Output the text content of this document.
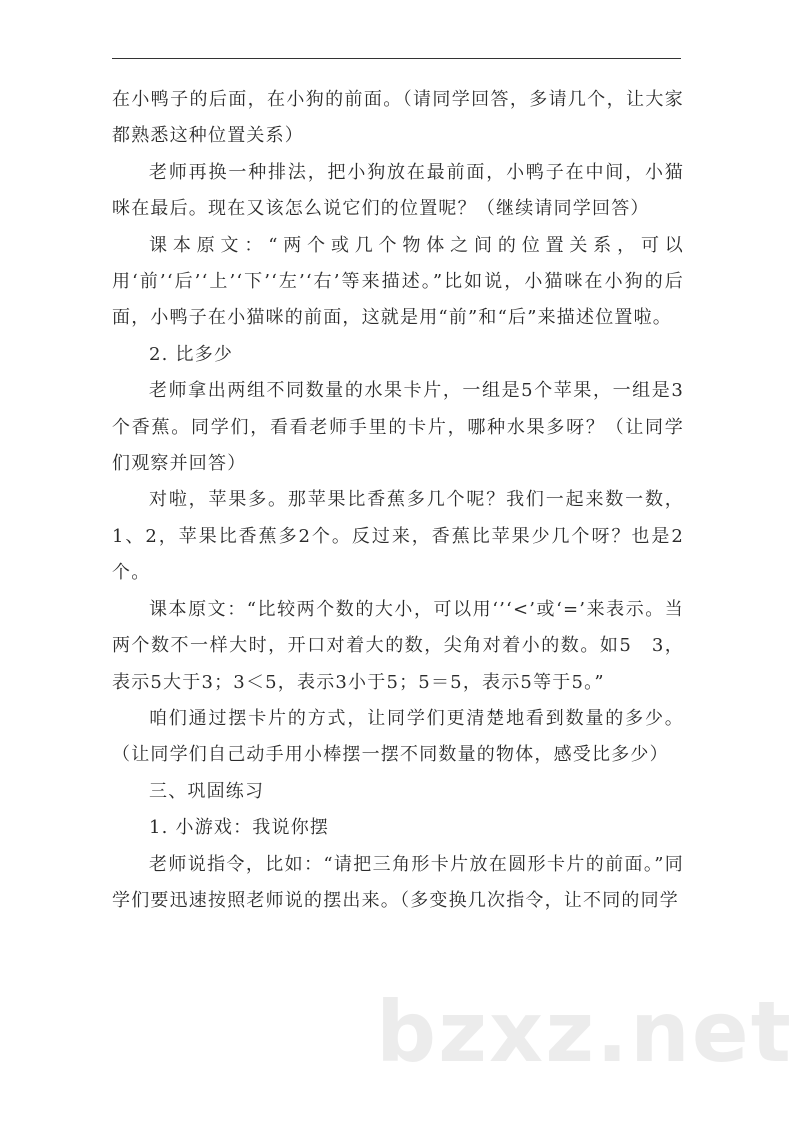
在小鸭子的后面，在小狗的前面。（请同学回答，多请几个，让大家都熟悉这种位置关系）

老师再换一种排法，把小狗放在最前面，小鸭子在中间，小猫咪在最后。现在又该怎么说它们的位置呢？（继续请同学回答）

课本原文：“两个或几个物体之间的位置关系，可以用‘前’‘后’‘上’‘下’‘左’‘右’等来描述。”比如说，小猫咪在小狗的后面，小鸭子在小猫咪的前面，这就是用“前”和“后”来描述位置啦。

2. 比多少

老师拿出两组不同数量的水果卡片，一组是5个苹果，一组是3个香蕉。同学们，看看老师手里的卡片，哪种水果多呀？（让同学们观察并回答）

对啦，苹果多。那苹果比香蕉多几个呢？我们一起来数一数，1、2，苹果比香蕉多2个。反过来，香蕉比苹果少几个呀？也是2个。

课本原文：“比较两个数的大小，可以用‘’‘<’或‘=’来表示。当两个数不一样大时，开口对着大的数，尖角对着小的数。如5　3，表示5大于3；3＜5，表示3小于5；5＝5，表示5等于5。”

咱们通过摆卡片的方式，让同学们更清楚地看到数量的多少。（让同学们自己动手用小棒摆一摆不同数量的物体，感受比多少）

三、巩固练习

1. 小游戏：我说你摆

老师说指令，比如：“请把三角形卡片放在圆形卡片的前面。”同学们要迅速按照老师说的摆出来。（多变换几次指令，让不同的同学

bzxz.net
